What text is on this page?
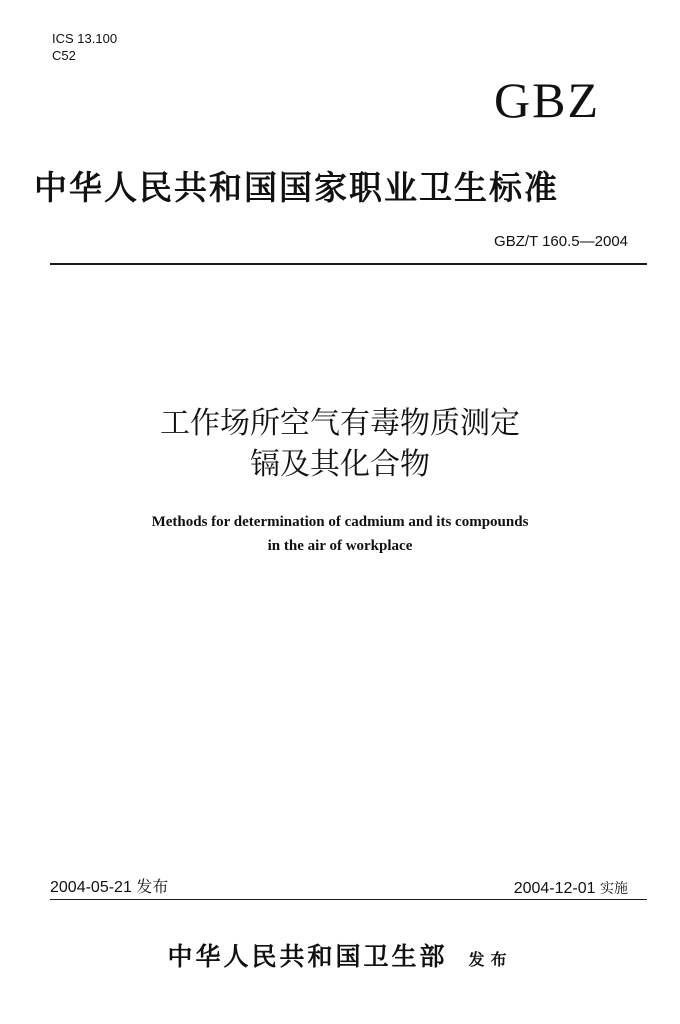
ICS 13.100
C52
GBZ
中华人民共和国国家职业卫生标准
GBZ/T 160.5—2004
工作场所空气有毒物质测定
镉及其化合物
Methods for determination of cadmium and its compounds
in the air of workplace
2004-05-21 发布	2004-12-01 实施
中华人民共和国卫生部 发布
